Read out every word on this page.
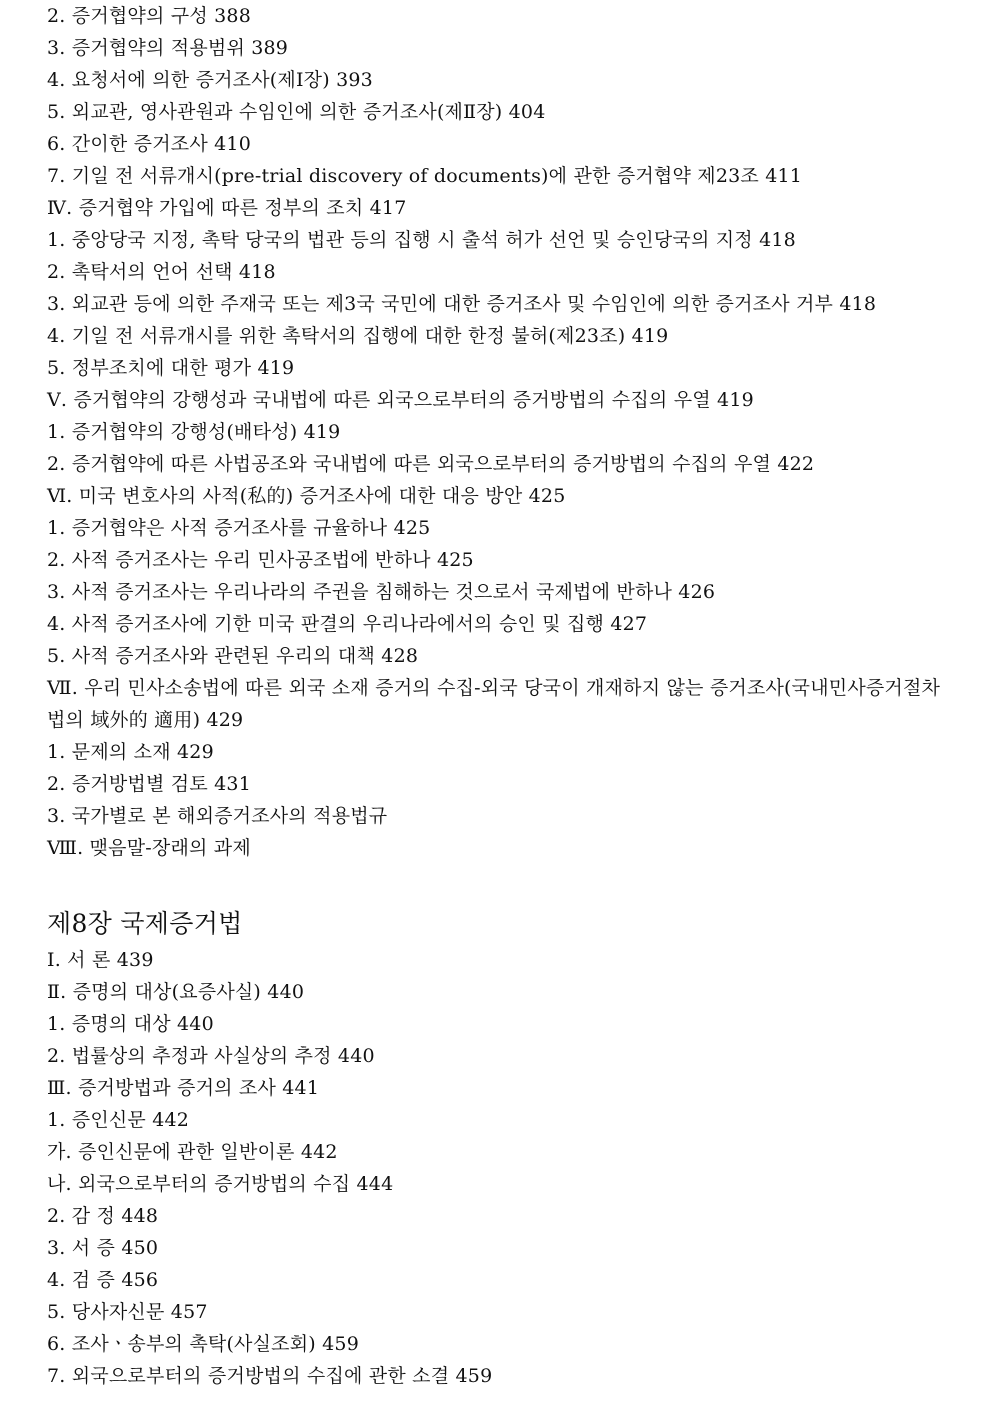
2. 증거협약의 구성 388
3. 증거협약의 적용범위 389
4. 요청서에 의한 증거조사(제Ⅰ장) 393
5. 외교관, 영사관원과 수임인에 의한 증거조사(제Ⅱ장) 404
6. 간이한 증거조사 410
7. 기일 전 서류개시(pre-trial discovery of documents)에 관한 증거협약 제23조 411
Ⅳ. 증거협약 가입에 따른 정부의 조치 417
1. 중앙당국 지정, 촉탁 당국의 법관 등의 집행 시 출석 허가 선언 및 승인당국의 지정 418
2. 촉탁서의 언어 선택 418
3. 외교관 등에 의한 주재국 또는 제3국 국민에 대한 증거조사 및 수임인에 의한 증거조사 거부 418
4. 기일 전 서류개시를 위한 촉탁서의 집행에 대한 한정 불허(제23조) 419
5. 정부조치에 대한 평가 419
Ⅴ. 증거협약의 강행성과 국내법에 따른 외국으로부터의 증거방법의 수집의 우열 419
1. 증거협약의 강행성(배타성) 419
2. 증거협약에 따른 사법공조와 국내법에 따른 외국으로부터의 증거방법의 수집의 우열 422
Ⅵ. 미국 변호사의 사적(私的) 증거조사에 대한 대응 방안 425
1. 증거협약은 사적 증거조사를 규율하나 425
2. 사적 증거조사는 우리 민사공조법에 반하나 425
3. 사적 증거조사는 우리나라의 주권을 침해하는 것으로서 국제법에 반하나 426
4. 사적 증거조사에 기한 미국 판결의 우리나라에서의 승인 및 집행 427
5. 사적 증거조사와 관련된 우리의 대책 428
Ⅶ. 우리 민사소송법에 따른 외국 소재 증거의 수집-외국 당국이 개재하지 않는 증거조사(국내민사증거절차법의 域外的 適用) 429
1. 문제의 소재 429
2. 증거방법별 검토 431
3. 국가별로 본 해외증거조사의 적용법규
Ⅷ. 맺음말-장래의 과제
제8장 국제증거법
Ⅰ. 서 론 439
Ⅱ. 증명의 대상(요증사실) 440
1. 증명의 대상 440
2. 법률상의 추정과 사실상의 추정 440
Ⅲ. 증거방법과 증거의 조사 441
1. 증인신문 442
가. 증인신문에 관한 일반이론 442
나. 외국으로부터의 증거방법의 수집 444
2. 감 정 448
3. 서 증 450
4. 검 증 456
5. 당사자신문 457
6. 조사ㆍ송부의 촉탁(사실조회) 459
7. 외국으로부터의 증거방법의 수집에 관한 소결 459
